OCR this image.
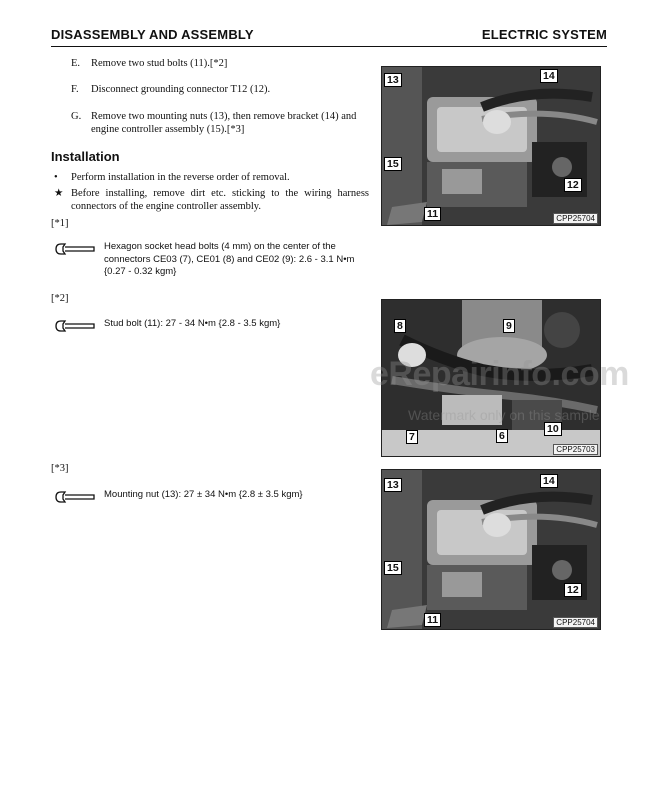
DISASSEMBLY AND ASSEMBLY	ELECTRIC SYSTEM
E. Remove two stud bolts (11).[*2]
F. Disconnect grounding connector T12 (12).
G. Remove two mounting nuts (13), then remove bracket (14) and engine controller assembly (15).[*3]
Installation
•	Perform installation in the reverse order of removal.
★ Before installing, remove dirt etc. sticking to the wiring harness connectors of the engine controller assembly.
[*1]
Hexagon socket head bolts (4 mm) on the center of the connectors CE03 (7), CE01 (8) and CE02 (9): 2.6 - 3.1 N•m {0.27 - 0.32 kgm}
[*2]
Stud bolt (11): 27 - 34 N•m {2.8 - 3.5 kgm}
[*3]
Mounting nut (13): 27 ± 34 N•m {2.8 ± 3.5 kgm}
13	14
15
12
11	CPP25704
8	9
7	6
10
CPP25703
13	14
15
12
11	CPP25704
eRepairinfo.com
Watermark only on this sample
